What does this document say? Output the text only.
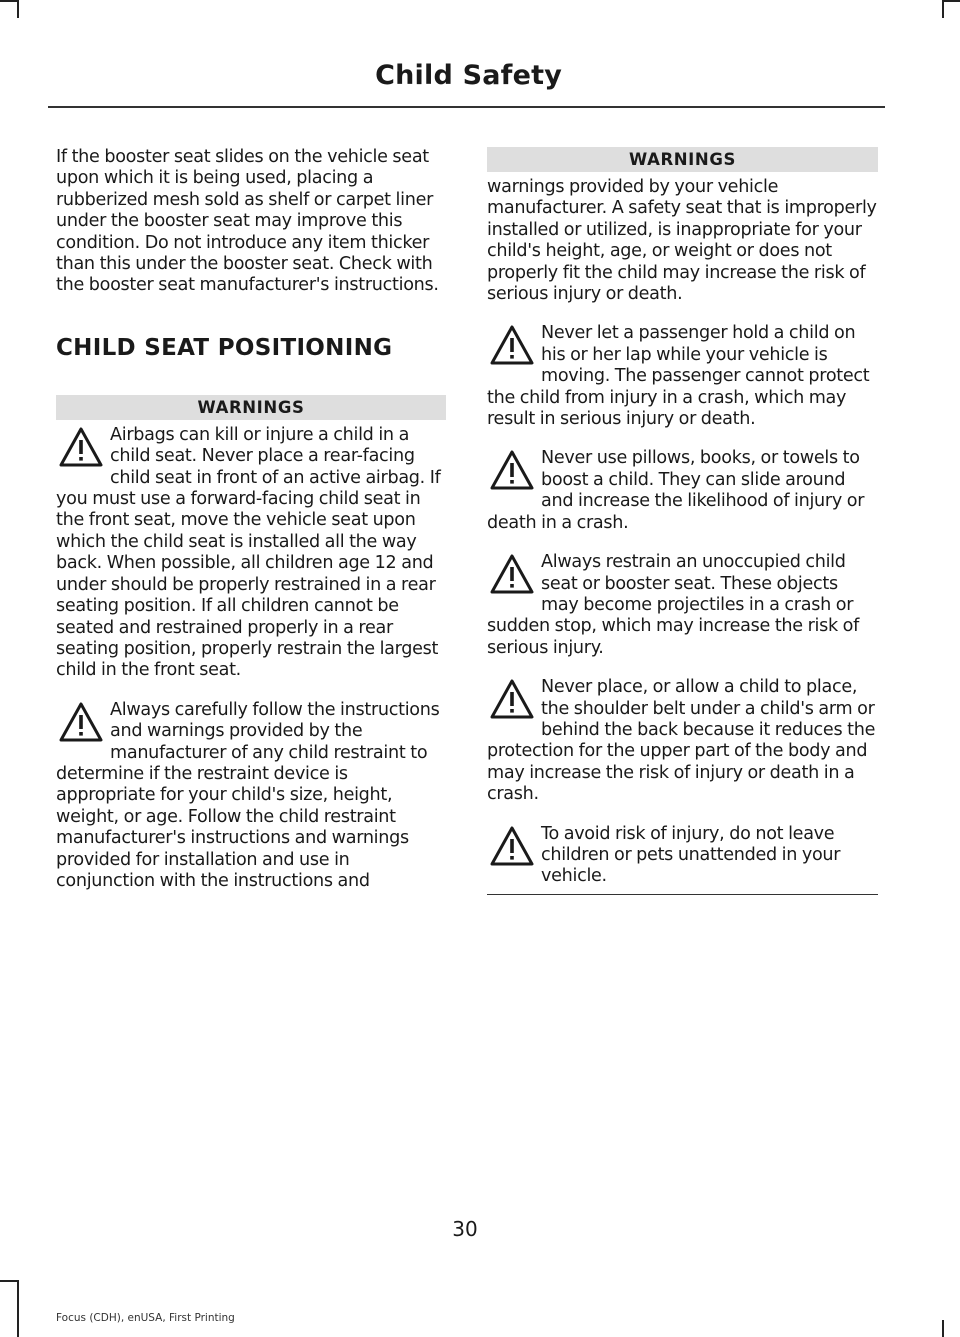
Child Safety

If the booster seat slides on the vehicle seat upon which it is being used, placing a rubberized mesh sold as shelf or carpet liner under the booster seat may improve this condition. Do not introduce any item thicker than this under the booster seat. Check with the booster seat manufacturer's instructions.

CHILD SEAT POSITIONING
WARNINGS
Airbags can kill or injure a child in a child seat. Never place a rear-facing child seat in front of an active airbag. If you must use a forward-facing child seat in the front seat, move the vehicle seat upon which the child seat is installed all the way back. When possible, all children age 12 and under should be properly restrained in a rear seating position. If all children cannot be seated and restrained properly in a rear seating position, properly restrain the largest child in the front seat.
Always carefully follow the instructions and warnings provided by the manufacturer of any child restraint to determine if the restraint device is appropriate for your child's size, height, weight, or age. Follow the child restraint manufacturer's instructions and warnings provided for installation and use in conjunction with the instructions and
WARNINGS

warnings provided by your vehicle manufacturer. A safety seat that is improperly installed or utilized, is inappropriate for your child's height, age, or weight or does not properly fit the child may increase the risk of serious injury or death.

Never let a passenger hold a child on his or her lap while your vehicle is moving. The passenger cannot protect the child from injury in a crash, which may result in serious injury or death.
Never use pillows, books, or towels to boost a child. They can slide around and increase the likelihood of injury or death in a crash.
Always restrain an unoccupied child seat or booster seat. These objects may become projectiles in a crash or sudden stop, which may increase the risk of serious injury.
Never place, or allow a child to place, the shoulder belt under a child's arm or behind the back because it reduces the protection for the upper part of the body and may increase the risk of injury or death in a crash.
To avoid risk of injury, do not leave children or pets unattended in your vehicle.
30
Focus (CDH), enUSA, First Printing
